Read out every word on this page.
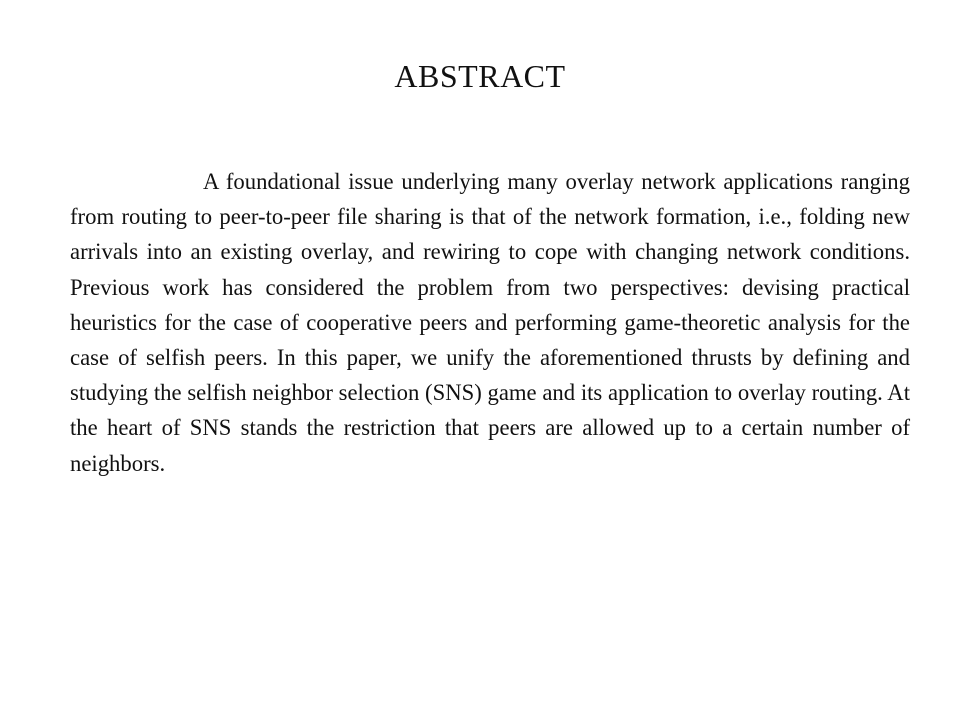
ABSTRACT

A foundational issue underlying many overlay network applications ranging from routing to peer-to-peer file sharing is that of the network formation, i.e., folding new arrivals into an existing overlay, and rewiring to cope with changing network conditions. Previous work has considered the problem from two perspectives: devising practical heuristics for the case of cooperative peers and performing game-theoretic analysis for the case of selfish peers. In this paper, we unify the aforementioned thrusts by defining and studying the selfish neighbor selection (SNS) game and its application to overlay routing. At the heart of SNS stands the restriction that peers are allowed up to a certain number of neighbors.
